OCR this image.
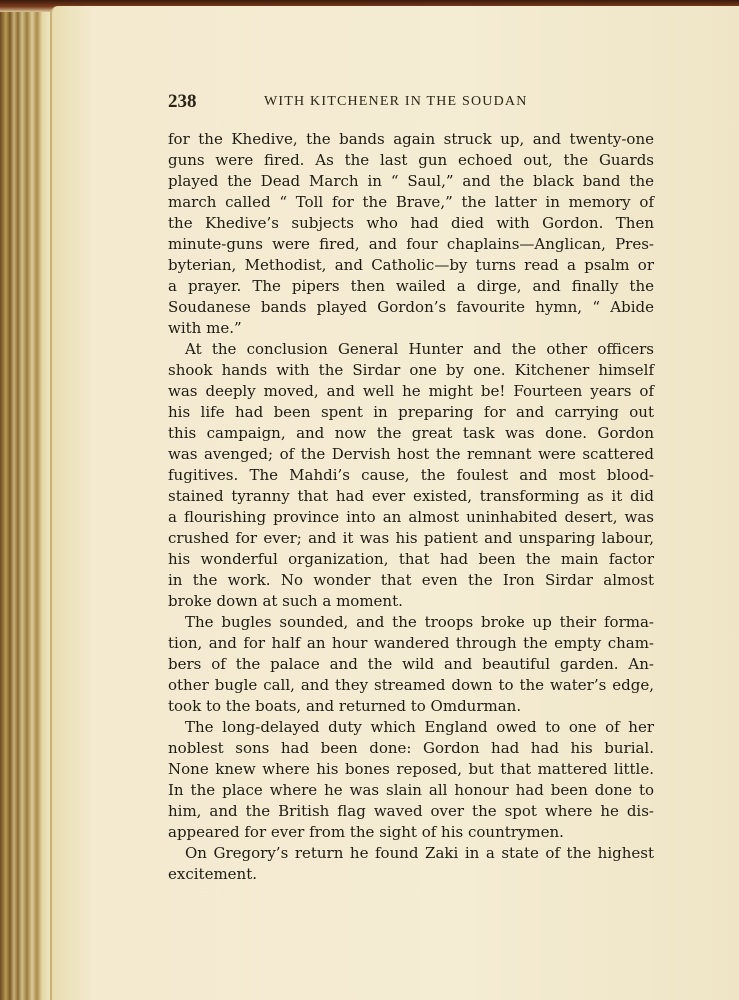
238	WITH KITCHENER IN THE SOUDAN
for the Khedive, the bands again struck up, and twenty-one
guns were fired. As the last gun echoed out, the Guards
played the Dead March in “ Saul,” and the black band the
march called “ Toll for the Brave,” the latter in memory of
the Khedive’s subjects who had died with Gordon. Then
minute-guns were fired, and four chaplains—Anglican, Pres-
byterian, Methodist, and Catholic—by turns read a psalm or
a prayer. The pipers then wailed a dirge, and finally the
Soudanese bands played Gordon’s favourite hymn, “ Abide
with me.”
At the conclusion General Hunter and the other officers
shook hands with the Sirdar one by one. Kitchener himself
was deeply moved, and well he might be! Fourteen years of
his life had been spent in preparing for and carrying out
this campaign, and now the great task was done. Gordon
was avenged; of the Dervish host the remnant were scattered
fugitives. The Mahdi’s cause, the foulest and most blood-
stained tyranny that had ever existed, transforming as it did
a flourishing province into an almost uninhabited desert, was
crushed for ever; and it was his patient and unsparing labour,
his wonderful organization, that had been the main factor
in the work. No wonder that even the Iron Sirdar almost
broke down at such a moment.
The bugles sounded, and the troops broke up their forma-
tion, and for half an hour wandered through the empty cham-
bers of the palace and the wild and beautiful garden. An-
other bugle call, and they streamed down to the water’s edge,
took to the boats, and returned to Omdurman.
The long-delayed duty which England owed to one of her
noblest sons had been done: Gordon had had his burial.
None knew where his bones reposed, but that mattered little.
In the place where he was slain all honour had been done to
him, and the British flag waved over the spot where he dis-
appeared for ever from the sight of his countrymen.
On Gregory’s return he found Zaki in a state of the highest
excitement.
